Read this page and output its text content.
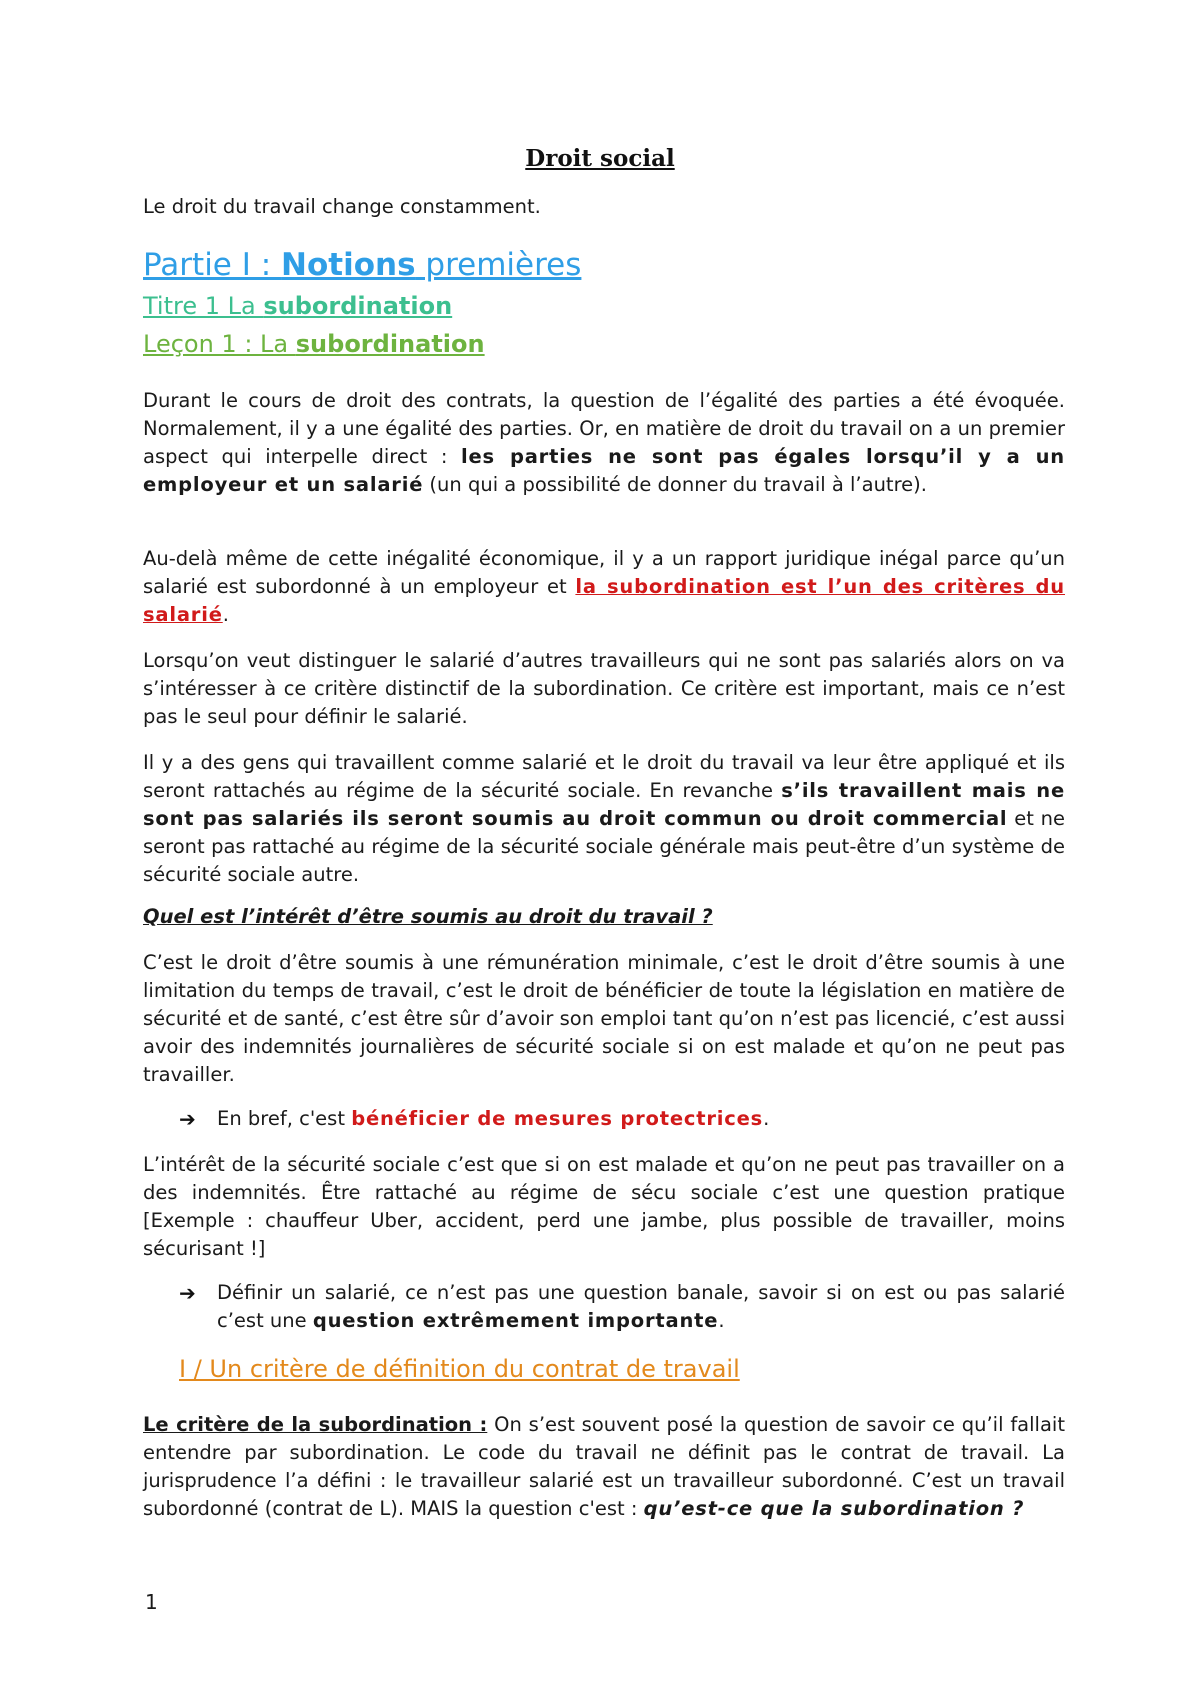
Droit social

Le droit du travail change constamment.

Partie I : Notions premières

Titre 1 La subordination

Leçon 1 : La subordination

Durant le cours de droit des contrats, la question de l’égalité des parties a été évoquée. Normalement, il y a une égalité des parties. Or, en matière de droit du travail on a un premier aspect qui interpelle direct : les parties ne sont pas égales lorsqu’il y a un employeur et un salarié (un qui a possibilité de donner du travail à l’autre).

Au-delà même de cette inégalité économique, il y a un rapport juridique inégal parce qu’un salarié est subordonné à un employeur et la subordination est l’un des critères du salarié.

Lorsqu’on veut distinguer le salarié d’autres travailleurs qui ne sont pas salariés alors on va s’intéresser à ce critère distinctif de la subordination. Ce critère est important, mais ce n’est pas le seul pour définir le salarié.

Il y a des gens qui travaillent comme salarié et le droit du travail va leur être appliqué et ils seront rattachés au régime de la sécurité sociale. En revanche s’ils travaillent mais ne sont pas salariés ils seront soumis au droit commun ou droit commercial et ne seront pas rattaché au régime de la sécurité sociale générale mais peut-être d’un système de sécurité sociale autre.

Quel est l’intérêt d’être soumis au droit du travail ?

C’est le droit d’être soumis à une rémunération minimale, c’est le droit d’être soumis à une limitation du temps de travail, c’est le droit de bénéficier de toute la législation en matière de sécurité et de santé, c’est être sûr d’avoir son emploi tant qu’on n’est pas licencié, c’est aussi avoir des indemnités journalières de sécurité sociale si on est malade et qu’on ne peut pas travailler.

➔	En bref, c'est bénéficier de mesures protectrices.

L’intérêt de la sécurité sociale c’est que si on est malade et qu’on ne peut pas travailler on a des indemnités. Être rattaché au régime de sécu sociale c’est une question pratique [Exemple : chauffeur Uber, accident, perd une jambe, plus possible de travailler, moins sécurisant !]

➔	Définir un salarié, ce n’est pas une question banale, savoir si on est ou pas salarié c’est une question extrêmement importante.

I / Un critère de définition du contrat de travail

Le critère de la subordination : On s’est souvent posé la question de savoir ce qu’il fallait entendre par subordination. Le code du travail ne définit pas le contrat de travail. La jurisprudence l’a défini : le travailleur salarié est un travailleur subordonné. C’est un travail subordonné (contrat de L). MAIS la question c'est : qu’est-ce que la subordination ?

1
